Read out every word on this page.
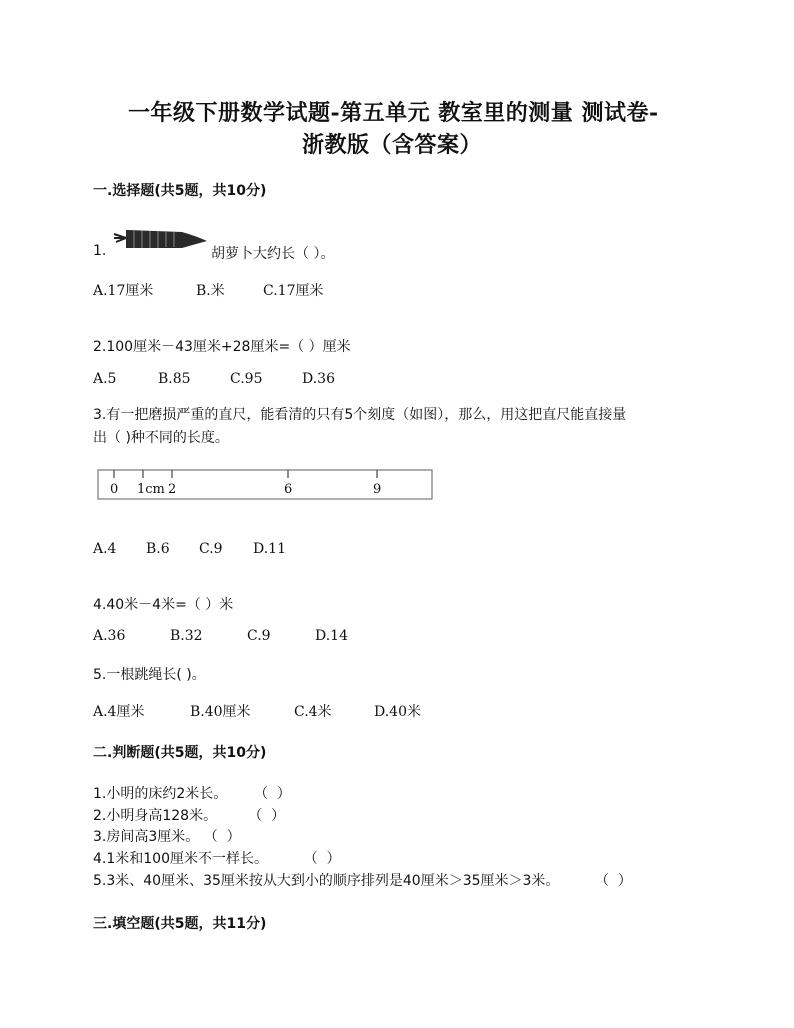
一年级下册数学试题-第五单元 教室里的测量 测试卷-
浙教版（含答案）
一.选择题(共5题，共10分)
1.	胡萝卜大约长（ ）。
A.17厘米	B.米	C.17厘米
2.100厘米－43厘米+28厘米=（ ）厘米
A.5	B.85	C.95	D.36
3.有一把磨损严重的直尺，能看清的只有5个刻度（如图），那么，用这把直尺能直接量
出（ )种不同的长度。
0 1cm 2	6	9
A.4 B.6 C.9 D.11
4.40米－4米=（ ）米
A.36	B.32	C.9	D.14
5.一根跳绳长( )。
A.4厘米	B.40厘米	C.4米	D.40米
二.判断题(共5题，共10分)
1.小明的床约2米长。      （  ）
2.小明身高128米。       （  ）
3.房间高3厘米。 （  ）
4.1米和100厘米不一样长。        （  ）
5.3米、40厘米、35厘米按从大到小的顺序排列是40厘米＞35厘米＞3米。        （  ）
三.填空题(共5题，共11分)
